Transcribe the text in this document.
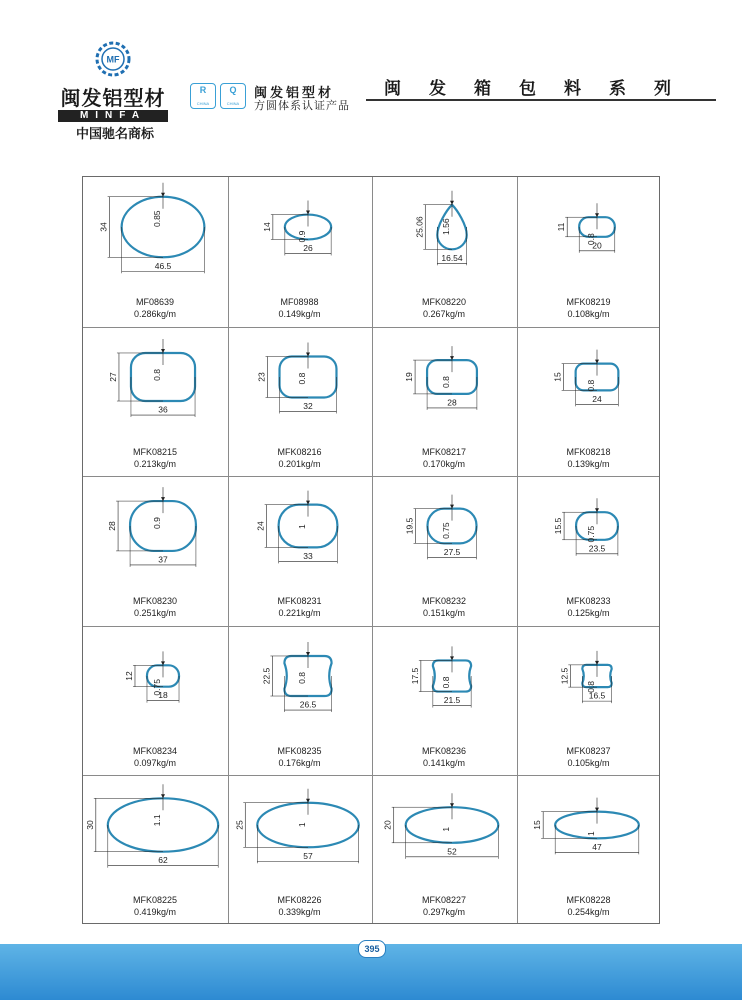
MF
闽发铝型材
MINFA
中国驰名商标
R
CHINA
Q
CHINA
闽发铝型材
方圆体系认证产品
闽发箱包料系列
46.5
34	0.85
MF08639
0.286kg/m
26
14
0.9
MF08988
0.149kg/m
16.54
25.06 1.56
MFK08220
0.267kg/m
20
11
0.8
MFK08219
0.108kg/m
36
27	0.8
MFK08215
0.213kg/m
32
23	0.8
MFK08216
0.201kg/m
28
19	0.8
MFK08217
0.170kg/m
24
15
0.8
MFK08218
0.139kg/m
37
28	0.9
MFK08230
0.251kg/m
33
24	1
MFK08231
0.221kg/m
27.5
19.5	0.75
MFK08232
0.151kg/m
23.5
15.5	0.75
MFK08233
0.125kg/m
18
12
0.75
MFK08234
0.097kg/m
26.5
22.5	0.8
MFK08235
0.176kg/m
21.5
17.5 0.8
MFK08236
0.141kg/m
16.5
12.5
0.8
MFK08237
0.105kg/m
62
30	1.1
MFK08225
0.419kg/m
57
25	1
MFK08226
0.339kg/m
52
20	1
MFK08227
0.297kg/m
47
15
1
MFK08228
0.254kg/m
395
